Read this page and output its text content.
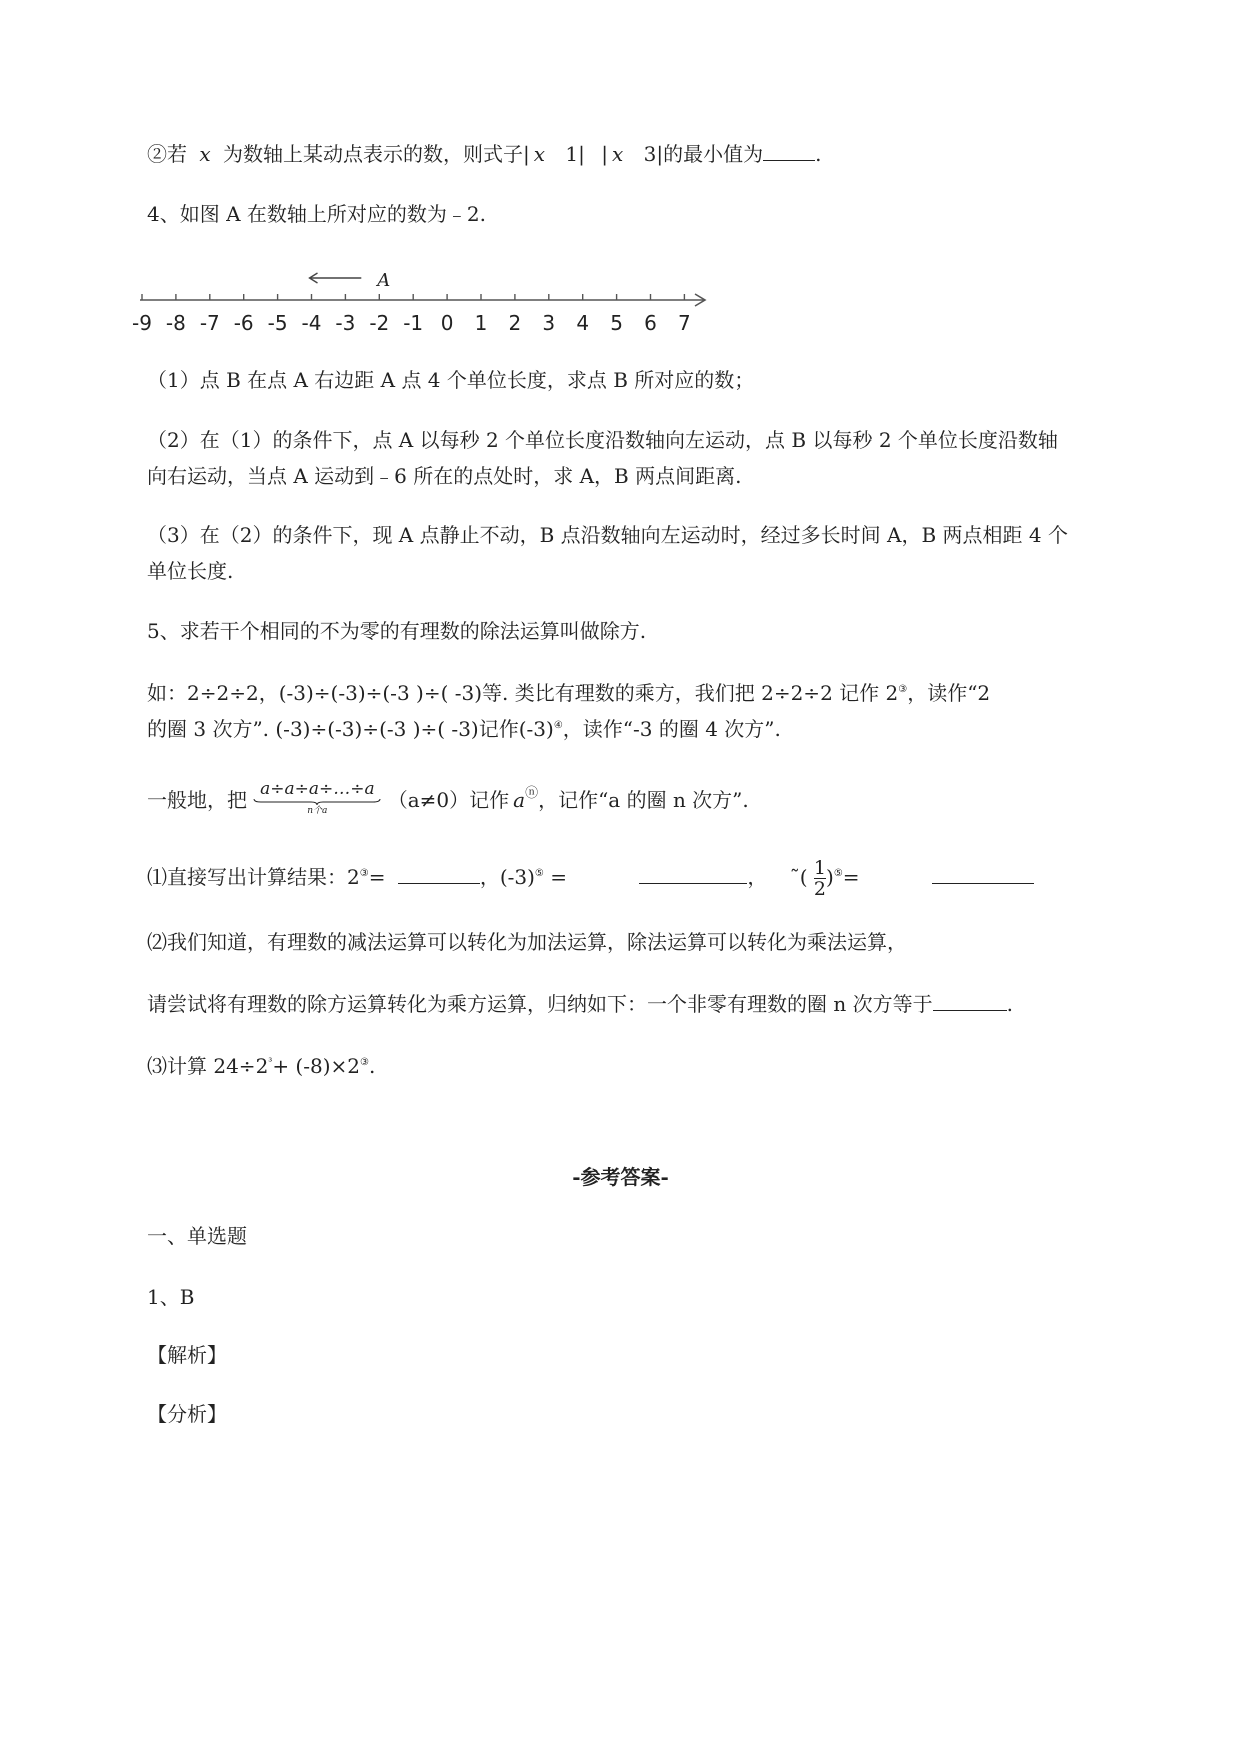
②若 x 为数轴上某动点表示的数，则式子| x 1| | x 3|的最小值为	.
4、如图 A 在数轴上所对应的数为﹣2.
-9 -8 -7 -6 -5 -4 -3 -2 -1 0 1 2 3 4 5 6 7
A
（1）点 B 在点 A 右边距 A 点 4 个单位长度，求点 B 所对应的数；
（2）在（1）的条件下，点 A 以每秒 2 个单位长度沿数轴向左运动，点 B 以每秒 2 个单位长度沿数轴
向右运动，当点 A 运动到﹣6 所在的点处时，求 A，B 两点间距离.
（3）在（2）的条件下，现 A 点静止不动，B 点沿数轴向左运动时，经过多长时间 A，B 两点相距 4 个
单位长度.
5、求若干个相同的不为零的有理数的除法运算叫做除方.
如：2÷2÷2，(-3)÷(-3)÷(-3 )÷( -3)等. 类比有理数的乘方，我们把 2÷2÷2 记作 2③，读作“2
的圈 3 次方”. (-3)÷(-3)÷(-3 )÷( -3)记作(-3)④，读作“-3 的圈 4 次方”.
一般地，把 a÷a÷a÷…÷a
n个a	（a≠0）记作 aⓝ，记作“a 的圈 n 次方”.
⑴直接写出计算结果：2③=	，(-3)⑤ =	， ˜( $\frac{1}{2} )^⑤=$
⑵我们知道，有理数的减法运算可以转化为加法运算，除法运算可以转化为乘法运算，
请尝试将有理数的除方运算转化为乘方运算，归纳如下：一个非零有理数的圈 n 次方等于	.
⑶计算 $24\div 2^{^3}+ (-8)\times 2^③$.
-参考答案-
一、单选题
1、B
【解析】
【分析】
